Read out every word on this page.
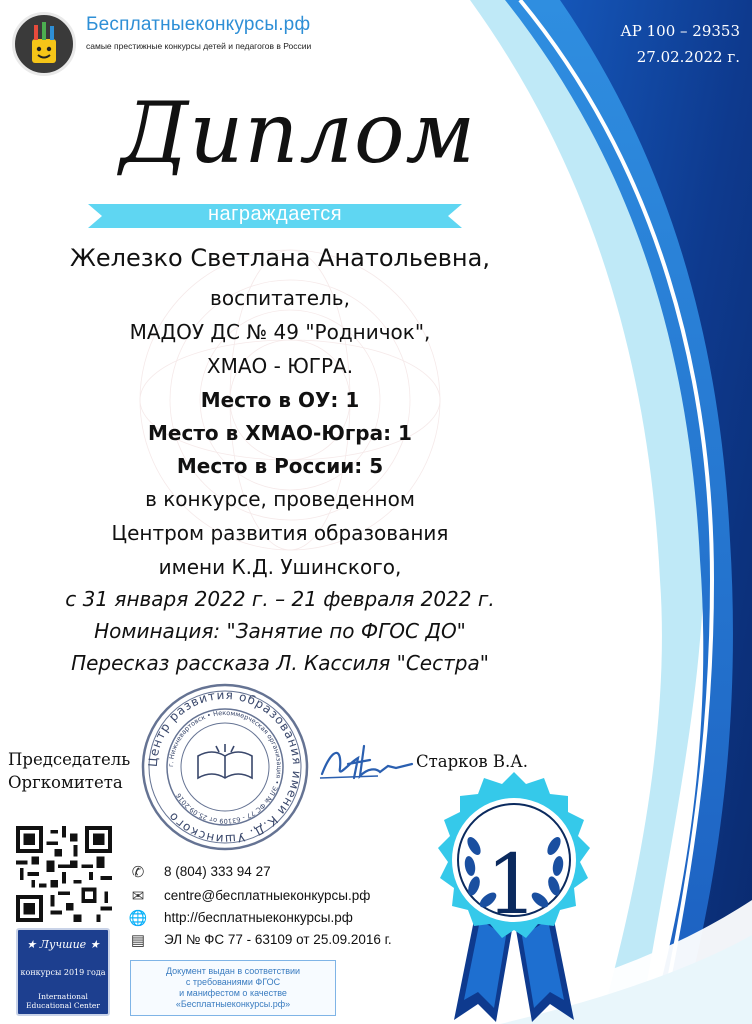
Бесплатныеконкурсы.рф
самые престижные конкурсы детей и педагогов в России
АР 100 – 29353
27.02.2022 г.
Диплом
награждается
Железко Светлана Анатольевна,
воспитатель,
МАДОУ ДС № 49 "Родничок",
ХМАО - ЮГРА.
Место в ОУ: 1
Место в ХМАО-Югра: 1
Место в России: 5
в конкурсе, проведенном
Центром развития образования
имени К.Д. Ушинского,
с 31 января 2022 г. – 21 февраля 2022 г.
Номинация: "Занятие по ФГОС ДО"
Пересказ рассказа Л. Кассиля "Сестра"
Центр развития образования имени К.Д. Ушинского
г. Нижневартовск • Некоммерческая организация • ЭЛ № ФС 77 - 63109 от 25.09.2016
Председатель
Оргкомитета
Старков В.А.
✆ 8 (804) 333 94 27
✉ centre@бесплатныеконкурсы.рф
🌐 http://бесплатныеконкурсы.рф
▤ ЭЛ № ФС 77 - 63109 от 25.09.2016 г.
★ Лучшие ★
конкурсы 2019 года
International Educational Center
Документ выдан в соответствии
с требованиями ФГОС
и манифестом о качестве
«Бесплатныеконкурсы.рф»
1
